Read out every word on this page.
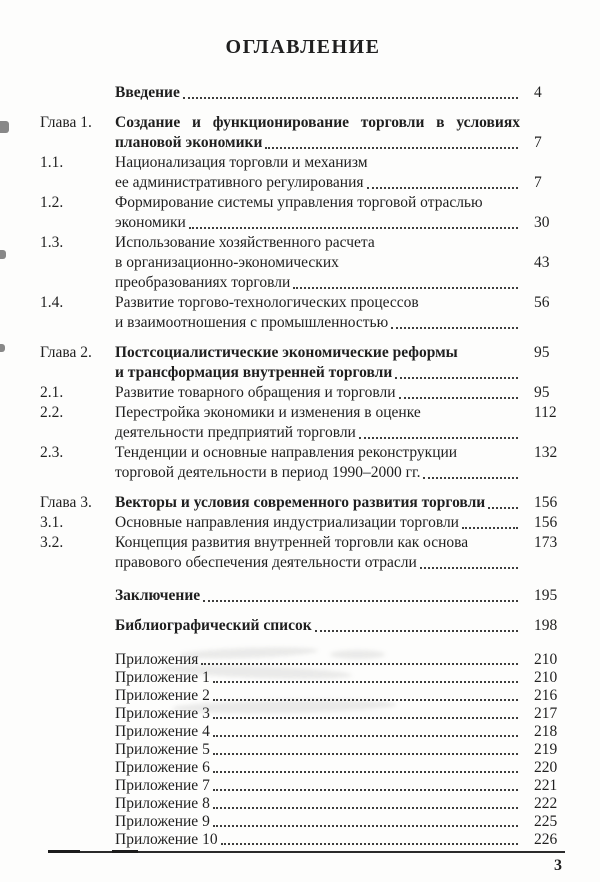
ОГЛАВЛЕНИЕ
Введение	4
Глава 1.	Создание и функционирование торговли в условиях
плановой экономики	7
1.1.	Национализация торговли и механизм
ее административного регулирования	7
1.2.	Формирование системы управления торговой отраслью
экономики	30
1.3.	Использование хозяйственного расчета
в организационно-экономических	43
преобразованиях торговли
1.4.	Развитие торгово-технологических процессов	56
и взаимоотношения с промышленностью
Глава 2.	Постсоциалистические экономические реформы	95
и трансформация внутренней торговли
2.1.	Развитие товарного обращения и торговли	95
2.2.	Перестройка экономики и изменения в оценке	112
деятельности предприятий торговли
2.3.	Тенденции и основные направления реконструкции	132
торговой деятельности в период 1990–2000 гг.
Глава 3.	Векторы и условия современного развития торговли	156
3.1.	Основные направления индустриализации торговли	156
3.2.	Концепция развития внутренней торговли как основа	173
правового обеспечения деятельности отрасли
Заключение	195
Библиографический список	198
Приложения	210
Приложение 1	210
Приложение 2	216
Приложение 3	217
Приложение 4	218
Приложение 5	219
Приложение 6	220
Приложение 7	221
Приложение 8	222
Приложение 9	225
Приложение 10	226
3
